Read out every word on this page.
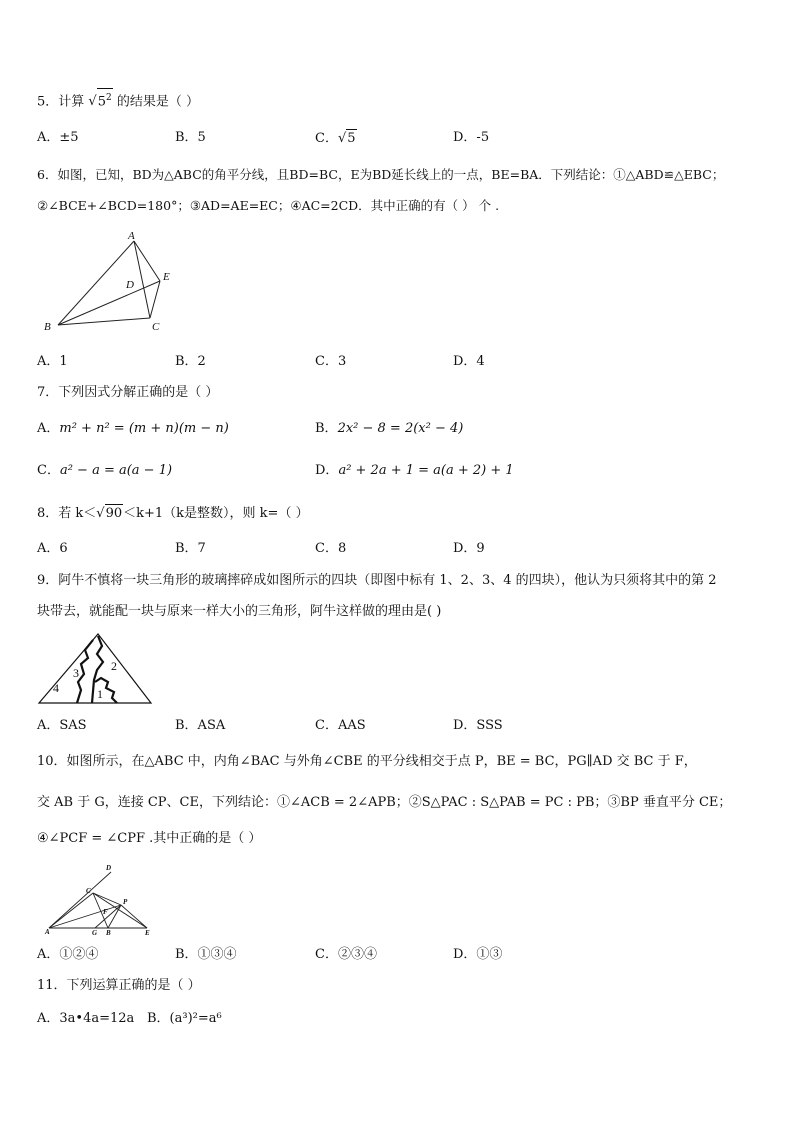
5．计算 $√5^2$ 的结果是（ ）
A．±5	B．5	C．√5	D．-5
6．如图，已知，BD为△ABC的角平分线，且BD=BC，E为BD延长线上的一点，BE=BA．下列结论：①△ABD≌△EBC；
②∠BCE+∠BCD=180°；③AD=AE=EC；④AC=2CD．其中正确的有（ ） 个 .
A
B	C
D
E
A．1	B．2	C．3	D．4
7．下列因式分解正确的是（ ）
A．m² + n² = (m + n)(m − n)	B．2x² − 8 = 2(x² − 4)
C．a² − a = a(a − 1)	D．a² + 2a + 1 = a(a + 2) + 1
8．若 k＜√90＜k+1（k是整数），则 k=（ ）
A．6	B．7	C．8	D．9
9．阿牛不慎将一块三角形的玻璃摔碎成如图所示的四块（即图中标有 1、2、3、4 的四块），他认为只须将其中的第 2
块带去，就能配一块与原来一样大小的三角形，阿牛这样做的理由是( )
1
2
3
4
A．SAS	B．ASA	C．AAS	D．SSS
10．如图所示，在△ABC 中，内角∠BAC 与外角∠CBE 的平分线相交于点 P，BE = BC，PG∥AD 交 BC 于 F，
交 AB 于 G，连接 CP、CE，下列结论：①∠ACB = 2∠APB；②S△PAC : S△PAB = PC : PB；③BP 垂直平分 CE；
④∠PCF = ∠CPF .其中正确的是（ ）
A	B
C
D
E
F
G
P
A．①②④	B．①③④	C．②③④	D．①③
11．下列运算正确的是（ ）
A．3a•4a=12a B．(a³)²=a⁶
